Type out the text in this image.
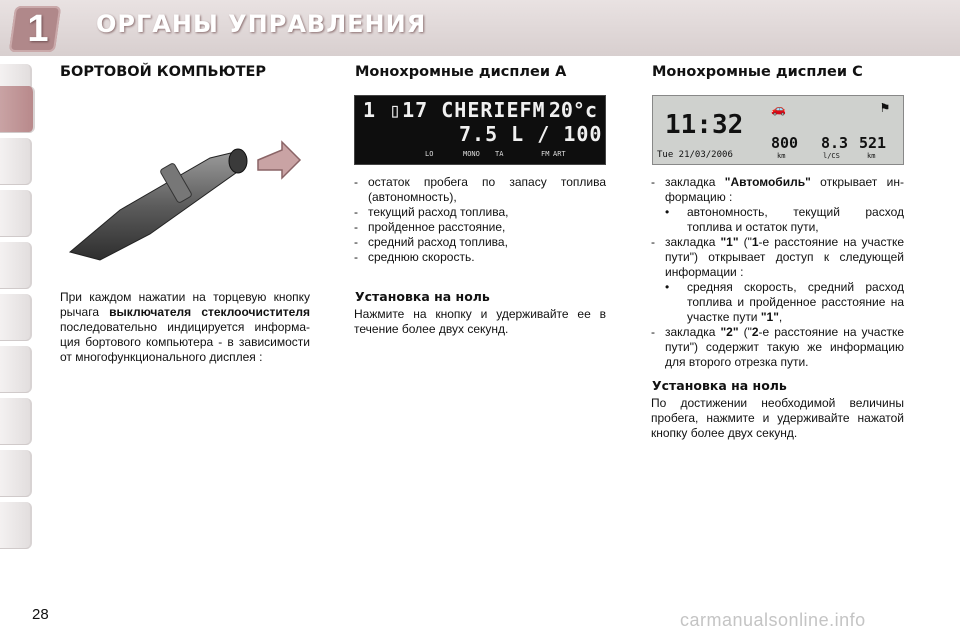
1 ОРГАНЫ УПРАВЛЕНИЯ
БОРТОВОЙ КОМПЬЮТЕР

При каждом нажатии на торцевую кнопку рычага выключателя стеклоочистителя последовательно индицируется информа-ция бортового компьютера - в зависимости от многофункционального дисплея :

Монохромные дисплеи А
1 ▯17 CHERIEFM 20°c
7.5 L / 100
LO	MONO TA	FM ART
- остаток пробега по запасу топлива (автономность),
- текущий расход топлива,
- пройденное расстояние,
- средний расход топлива,
- среднюю скорость.
Установка на ноль

Нажмите на кнопку и удерживайте ее в течение более двух секунд.

Монохромные дисплеи С
11:32
Tue 21/03/2006
🚗	⚑
800 8.3 521
km	l/CS	km
- закладка "Автомобиль" открывает ин-формацию :
• автономность, текущий расход топлива и остаток пути,
- закладка "1" ("1-е расстояние на участке пути") открывает доступ к следующей информации :
• средняя скорость, средний расход топлива и пройденное расстояние на участке пути "1",
- закладка "2" ("2-е расстояние на участке пути") содержит такую же информацию для второго отрезка пути.
Установка на ноль

По достижении необходимой величины пробега, нажмите и удерживайте нажатой кнопку более двух секунд.

28	carmanualsonline.info
